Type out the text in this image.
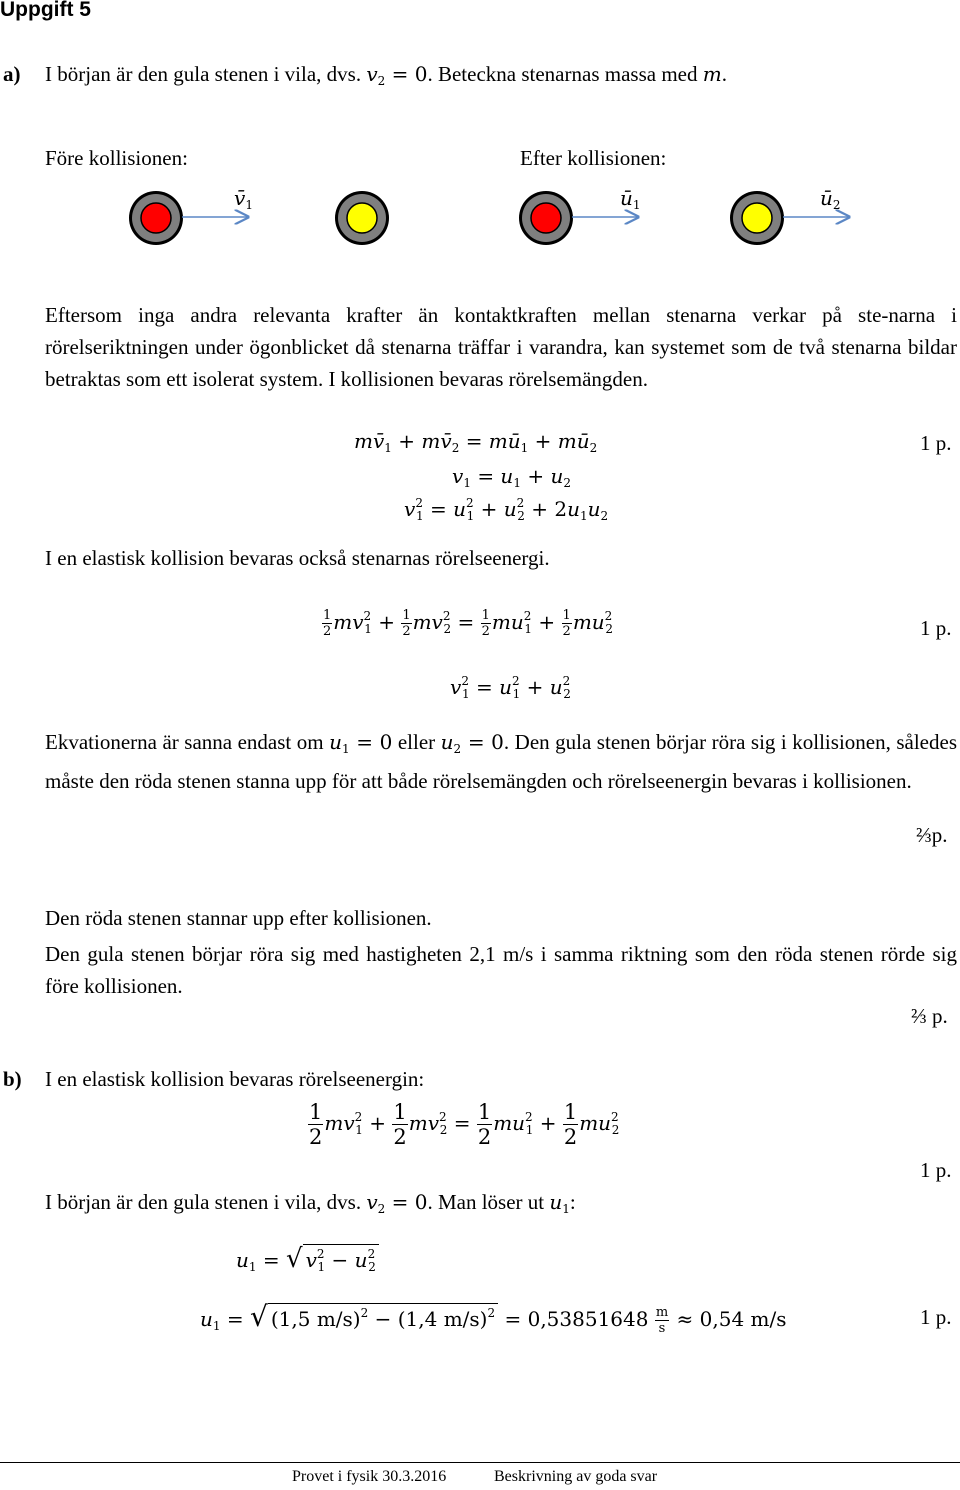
Uppgift 5
a) I början är den gula stenen i vila, dvs. $v_2 = 0$. Beteckna stenarnas massa med m.
Före kollisionen:	Efter kollisionen:
$v̄_1$	$ū_1$	$ū_2$
Eftersom inga andra relevanta krafter än kontaktkraften mellan stenarna verkar på ste-narna i rörelseriktningen under ögonblicket då stenarna träffar i varandra, kan systemet som de två stenarna bildar betraktas som ett isolerat system. I kollisionen bevaras rörelsemängden.
$mv̄_1$ + $mv̄_2$ = $mū_1$ + $mū_2$	1 p.
$v_1 = u_1 + u_2$
$v^2_1 = u^2_1 + u^2_2 + 2u_1u_2$
I en elastisk kollision bevaras också stenarnas rörelseenergi.
$\frac{1}{2} mv^2_1 + \frac{1}{2} mv^2_2 = \frac{1}{2} mu^2_1 + \frac{1}{2} mu^2_2$	1 p.
$v^2_1 = u^2_1 + u^2_2$
Ekvationerna är sanna endast om $u_1 = 0$ eller $u_2 = 0$. Den gula stenen börjar röra sig i kollisionen, således måste den röda stenen stanna upp för att både rörelsemängden och rörelseenergin bevaras i kollisionen.
⅔p.
Den röda stenen stannar upp efter kollisionen.
Den gula stenen börjar röra sig med hastigheten 2,1 m/s i samma riktning som den röda stenen rörde sig före kollisionen.
⅔ p.
b) I en elastisk kollision bevaras rörelseenergin:
$\frac{1}{2} mv^2_1 + \frac{1}{2} mv^2_2 = \frac{1}{2} mu^2_1 + \frac{1}{2} mu^2_2$
1 p.
I början är den gula stenen i vila, dvs. $v_2 = 0$. Man löser ut $u_1$:
$u_1$ = √ $v^2_1 - u^2_2$
$u_1$ = √ (1,5 m/s)$^2$ − (1,4 $m/s)^2 = 0,53851648 \frac{m}{s} \approx 0,54$ m/s	1 p.
Provet i fysik 30.3.2016	Beskrivning av goda svar
